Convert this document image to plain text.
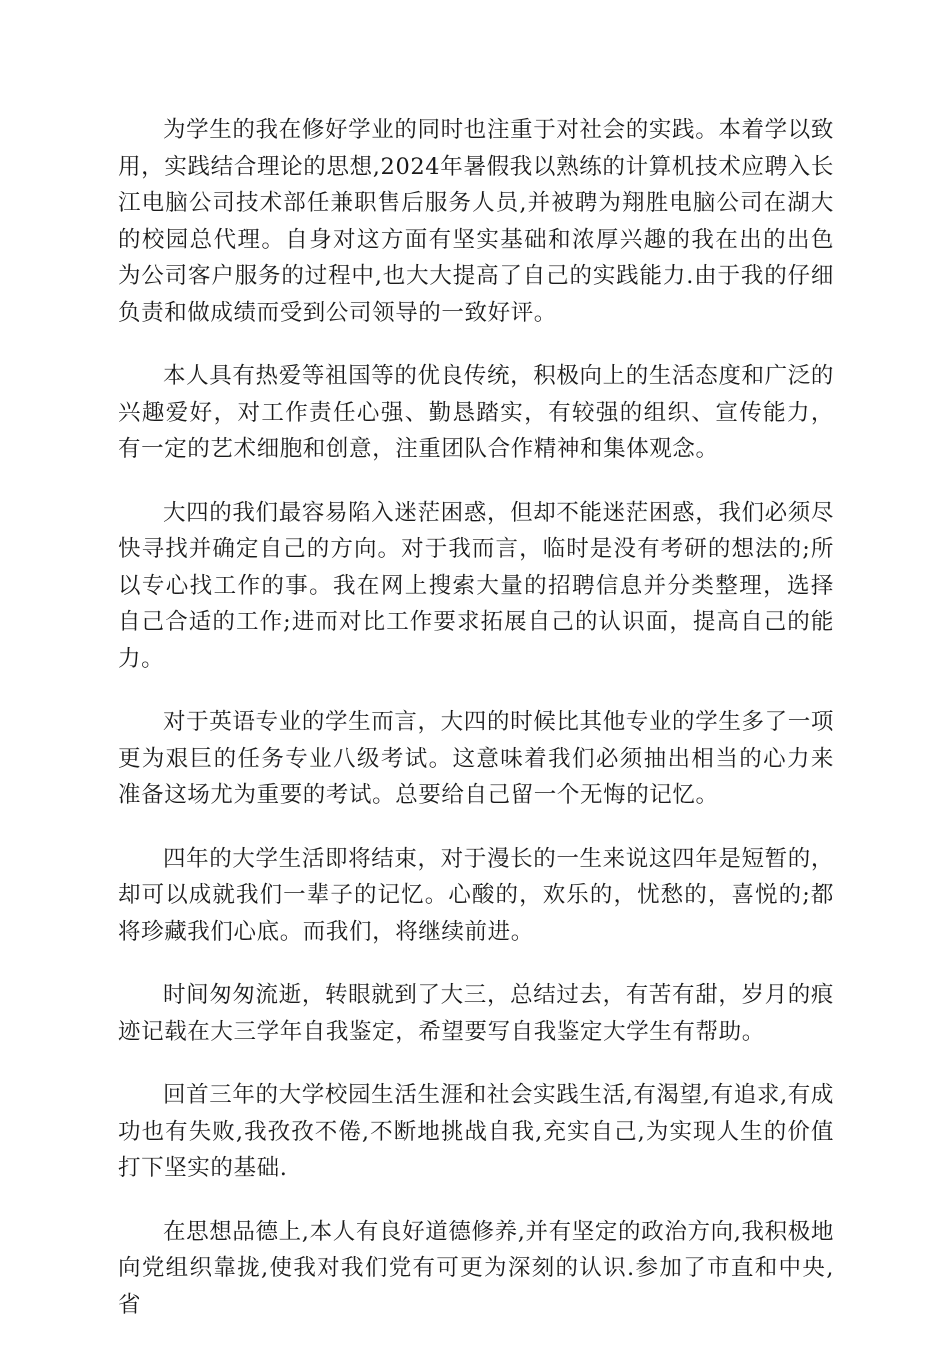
为学生的我在修好学业的同时也注重于对社会的实践。本着学以致用，实践结合理论的思想,2024年暑假我以熟练的计算机技术应聘入长江电脑公司技术部任兼职售后服务人员,并被聘为翔胜电脑公司在湖大的校园总代理。自身对这方面有坚实基础和浓厚兴趣的我在出的出色为公司客户服务的过程中,也大大提高了自己的实践能力.由于我的仔细负责和做成绩而受到公司领导的一致好评。

本人具有热爱等祖国等的优良传统，积极向上的生活态度和广泛的兴趣爱好，对工作责任心强、勤恳踏实，有较强的组织、宣传能力，有一定的艺术细胞和创意，注重团队合作精神和集体观念。

大四的我们最容易陷入迷茫困惑，但却不能迷茫困惑，我们必须尽快寻找并确定自己的方向。对于我而言，临时是没有考研的想法的;所以专心找工作的事。我在网上搜索大量的招聘信息并分类整理，选择自己合适的工作;进而对比工作要求拓展自己的认识面，提高自己的能力。

对于英语专业的学生而言，大四的时候比其他专业的学生多了一项更为艰巨的任务专业八级考试。这意味着我们必须抽出相当的心力来准备这场尤为重要的考试。总要给自己留一个无悔的记忆。

四年的大学生活即将结束，对于漫长的一生来说这四年是短暂的，却可以成就我们一辈子的记忆。心酸的，欢乐的，忧愁的，喜悦的;都将珍藏我们心底。而我们，将继续前进。

时间匆匆流逝，转眼就到了大三，总结过去，有苦有甜，岁月的痕迹记载在大三学年自我鉴定，希望要写自我鉴定大学生有帮助。

回首三年的大学校园生活生涯和社会实践生活,有渴望,有追求,有成功也有失败,我孜孜不倦,不断地挑战自我,充实自己,为实现人生的价值打下坚实的基础.

在思想品德上,本人有良好道德修养,并有坚定的政治方向,我积极地向党组织靠拢,使我对我们党有可更为深刻的认识.参加了市直和中央,省
